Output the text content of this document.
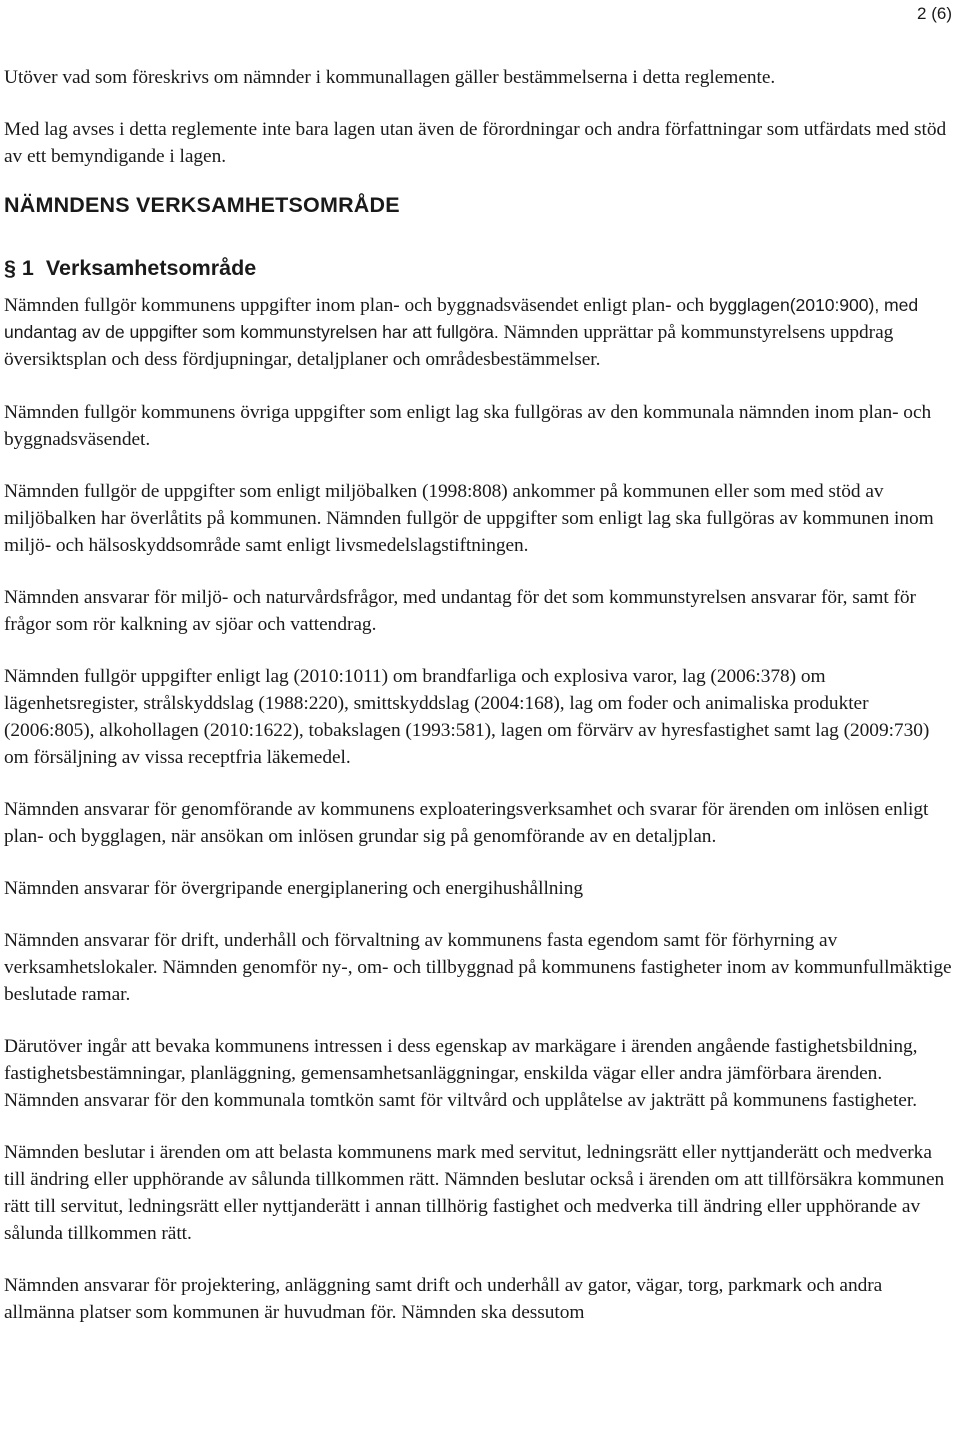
2 (6)

Utöver vad som föreskrivs om nämnder i kommunallagen gäller bestämmelserna i detta reglemente.

Med lag avses i detta reglemente inte bara lagen utan även de förordningar och andra författningar som utfärdats med stöd av ett bemyndigande i lagen.

NÄMNDENS VERKSAMHETSOMRÅDE
§ 1  Verksamhetsområde

Nämnden fullgör kommunens uppgifter inom plan- och byggnadsväsendet enligt plan- och bygglagen(2010:900), med undantag av de uppgifter som kommunstyrelsen har att fullgöra. Nämnden upprättar på kommunstyrelsens uppdrag översiktsplan och dess fördjupningar, detaljplaner och områdesbestämmelser.

Nämnden fullgör kommunens övriga uppgifter som enligt lag ska fullgöras av den kommunala nämnden inom plan- och byggnadsväsendet.

Nämnden fullgör de uppgifter som enligt miljöbalken (1998:808) ankommer på kommunen eller som med stöd av miljöbalken har överlåtits på kommunen. Nämnden fullgör de uppgifter som enligt lag ska fullgöras av kommunen inom miljö- och hälsoskyddsområde samt enligt livsmedelslagstiftningen.

Nämnden ansvarar för miljö- och naturvårdsfrågor, med undantag för det som kommunstyrelsen ansvarar för, samt för frågor som rör kalkning av sjöar och vattendrag.

Nämnden fullgör uppgifter enligt lag (2010:1011) om brandfarliga och explosiva varor, lag (2006:378) om lägenhetsregister, strålskyddslag (1988:220), smittskyddslag (2004:168), lag om foder och animaliska produkter (2006:805), alkohollagen (2010:1622), tobakslagen (1993:581), lagen om förvärv av hyresfastighet samt lag (2009:730) om försäljning av vissa receptfria läkemedel.

Nämnden ansvarar för genomförande av kommunens exploateringsverksamhet och svarar för ärenden om inlösen enligt plan- och bygglagen, när ansökan om inlösen grundar sig på genomförande av en detaljplan.

Nämnden ansvarar för övergripande energiplanering och energihushållning

Nämnden ansvarar för drift, underhåll och förvaltning av kommunens fasta egendom samt för förhyrning av verksamhetslokaler. Nämnden genomför ny-, om- och tillbyggnad på kommunens fastigheter inom av kommunfullmäktige beslutade ramar.

Därutöver ingår att bevaka kommunens intressen i dess egenskap av markägare i ärenden angående fastighetsbildning, fastighetsbestämningar, planläggning, gemensamhetsanläggningar, enskilda vägar eller andra jämförbara ärenden. Nämnden ansvarar för den kommunala tomtkön samt för viltvård och upplåtelse av jakträtt på kommunens fastigheter.

Nämnden beslutar i ärenden om att belasta kommunens mark med servitut, ledningsrätt eller nyttjanderätt och medverka till ändring eller upphörande av sålunda tillkommen rätt. Nämnden beslutar också i ärenden om att tillförsäkra kommunen rätt till servitut, ledningsrätt eller nyttjanderätt i annan tillhörig fastighet och medverka till ändring eller upphörande av sålunda tillkommen rätt.

Nämnden ansvarar för projektering, anläggning samt drift och underhåll av gator, vägar, torg, parkmark och andra allmänna platser som kommunen är huvudman för. Nämnden ska dessutom
